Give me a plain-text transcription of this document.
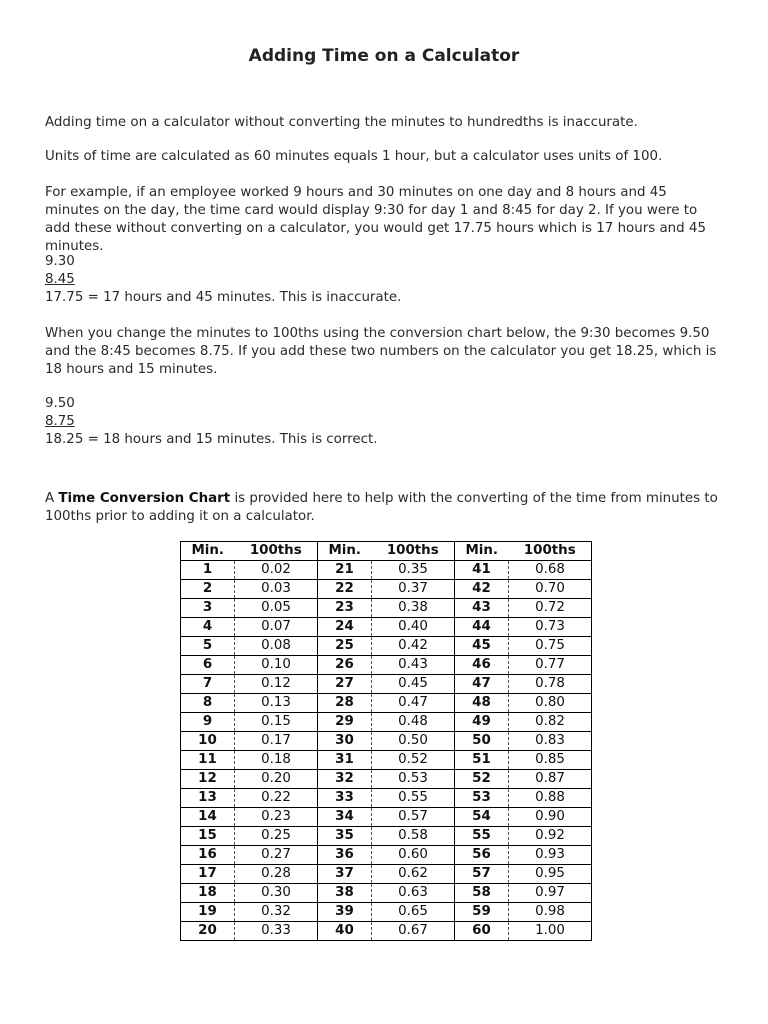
Adding Time on a Calculator

Adding time on a calculator without converting the minutes to hundredths is inaccurate.

Units of time are calculated as 60 minutes equals 1 hour, but a calculator uses units of 100.

For example, if an employee worked 9 hours and 30 minutes on one day and 8 hours and 45 minutes on the day, the time card would display 9:30 for day 1 and 8:45 for day 2. If you were to add these without converting on a calculator, you would get 17.75 hours which is 17 hours and 45 minutes.

9.30
8.45
17.75 = 17 hours and 45 minutes. This is inaccurate.

When you change the minutes to 100ths using the conversion chart below, the 9:30 becomes 9.50 and the 8:45 becomes 8.75. If you add these two numbers on the calculator you get 18.25, which is 18 hours and 15 minutes.

9.50
8.75
18.25 = 18 hours and 15 minutes. This is correct.

A Time Conversion Chart is provided here to help with the converting of the time from minutes to 100ths prior to adding it on a calculator.

Min.	100ths	Min.	100ths	Min.	100ths
1	0.02	21	0.35	41	0.68
2	0.03	22	0.37	42	0.70
3	0.05	23	0.38	43	0.72
4	0.07	24	0.40	44	0.73
5	0.08	25	0.42	45	0.75
6	0.10	26	0.43	46	0.77
7	0.12	27	0.45	47	0.78
8	0.13	28	0.47	48	0.80
9	0.15	29	0.48	49	0.82
10	0.17	30	0.50	50	0.83
11	0.18	31	0.52	51	0.85
12	0.20	32	0.53	52	0.87
13	0.22	33	0.55	53	0.88
14	0.23	34	0.57	54	0.90
15	0.25	35	0.58	55	0.92
16	0.27	36	0.60	56	0.93
17	0.28	37	0.62	57	0.95
18	0.30	38	0.63	58	0.97
19	0.32	39	0.65	59	0.98
20	0.33	40	0.67	60	1.00
